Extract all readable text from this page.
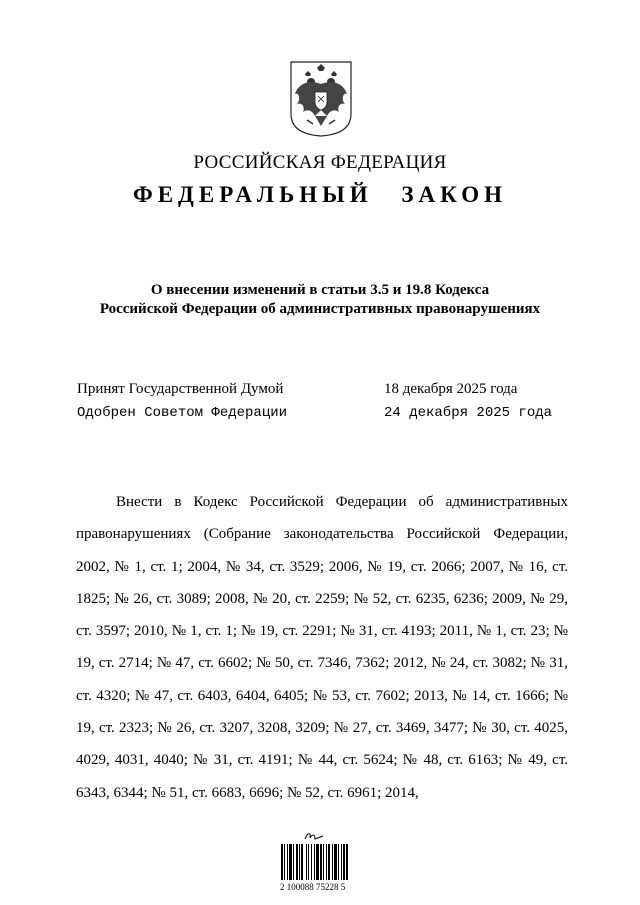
РОССИЙСКАЯ ФЕДЕРАЦИЯ
ФЕДЕРАЛЬНЫЙ ЗАКОН
О внесении изменений в статьи 3.5 и 19.8 Кодекса
Российской Федерации об административных правонарушениях
Принят Государственной Думой	18 декабря 2025 года
Одобрен Советом Федерации	24 декабря 2025 года
Внести в Кодекс Российской Федерации об административных правонарушениях (Собрание законодательства Российской Федерации, 2002, № 1, ст. 1; 2004, № 34, ст. 3529; 2006, № 19, ст. 2066; 2007, № 16, ст. 1825; № 26, ст. 3089; 2008, № 20, ст. 2259; № 52, ст. 6235, 6236; 2009, № 29, ст. 3597; 2010, № 1, ст. 1; № 19, ст. 2291; № 31, ст. 4193; 2011, № 1, ст. 23; № 19, ст. 2714; № 47, ст. 6602; № 50, ст. 7346, 7362; 2012, № 24, ст. 3082; № 31, ст. 4320; № 47, ст. 6403, 6404, 6405; № 53, ст. 7602; 2013, № 14, ст. 1666; № 19, ст. 2323; № 26, ст. 3207, 3208, 3209; № 27, ст. 3469, 3477; № 30, ст. 4025, 4029, 4031, 4040; № 31, ст. 4191; № 44, ст. 5624; № 48, ст. 6163; № 49, ст. 6343, 6344; № 51, ст. 6683, 6696; № 52, ст. 6961; 2014,
2 100088 75228 5
